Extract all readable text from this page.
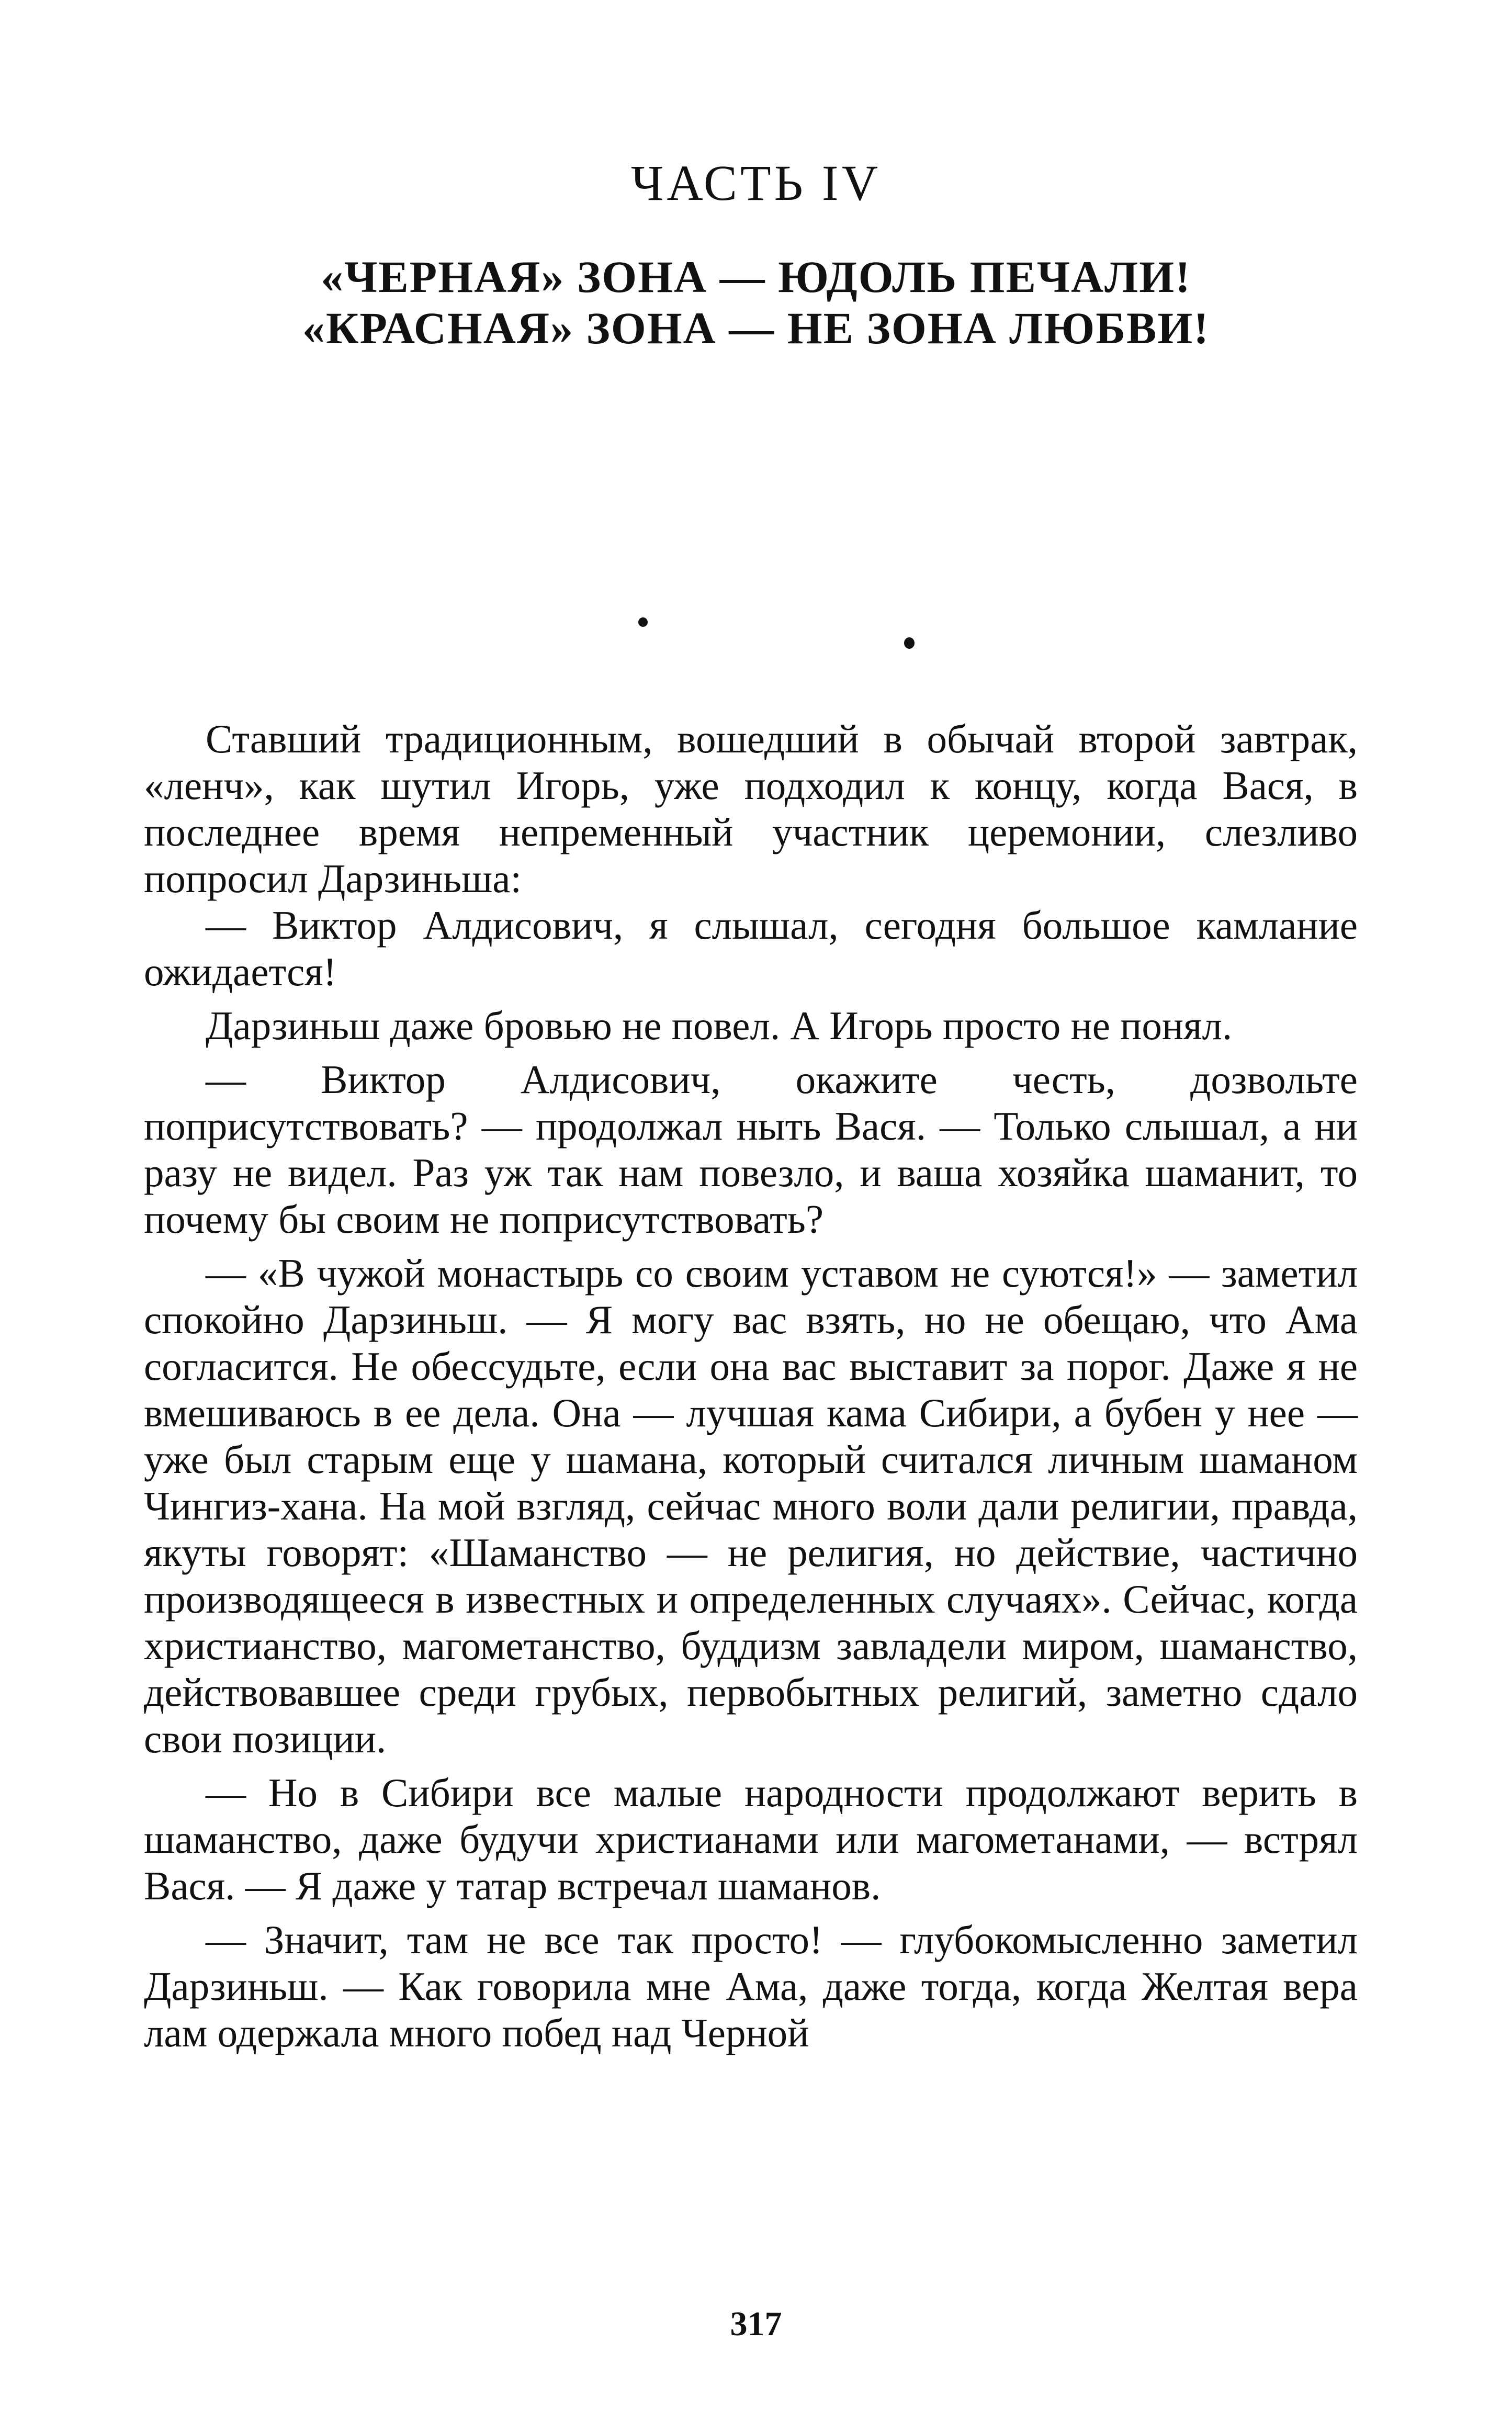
ЧАСТЬ IV
«ЧЕРНАЯ» ЗОНА — ЮДОЛЬ ПЕЧАЛИ!
«КРАСНАЯ» ЗОНА — НЕ ЗОНА ЛЮБВИ!

Ставший традиционным, вошедший в обычай второй завтрак, «ленч», как шутил Игорь, уже подходил к концу, когда Вася, в последнее время непременный участник церемонии, слезливо попросил Дарзиньша:

— Виктор Алдисович, я слышал, сегодня большое камлание ожидается!

Дарзиньш даже бровью не повел. А Игорь просто не понял.

— Виктор Алдисович, окажите честь, дозвольте поприсутствовать? — продолжал ныть Вася. — Только слышал, а ни разу не видел. Раз уж так нам повезло, и ваша хозяйка шаманит, то почему бы своим не поприсутствовать?

— «В чужой монастырь со своим уставом не суются!» — заметил спокойно Дарзиньш. — Я могу вас взять, но не обещаю, что Ама согласится. Не обессудьте, если она вас выставит за порог. Даже я не вмешиваюсь в ее дела. Она — лучшая кама Сибири, а бубен у нее — уже был старым еще у шамана, который считался личным шаманом Чингиз-хана. На мой взгляд, сейчас много воли дали религии, правда, якуты говорят: «Шаманство — не религия, но действие, частично производящееся в известных и определенных случаях». Сейчас, когда христианство, магометанство, буддизм завладели миром, шаманство, действовавшее среди грубых, первобытных религий, заметно сдало свои позиции.

— Но в Сибири все малые народности продолжают верить в шаманство, даже будучи христианами или магометанами, — встрял Вася. — Я даже у татар встречал шаманов.

— Значит, там не все так просто! — глубокомысленно заметил Дарзиньш. — Как говорила мне Ама, даже тогда, когда Желтая вера лам одержала много побед над Черной

317
